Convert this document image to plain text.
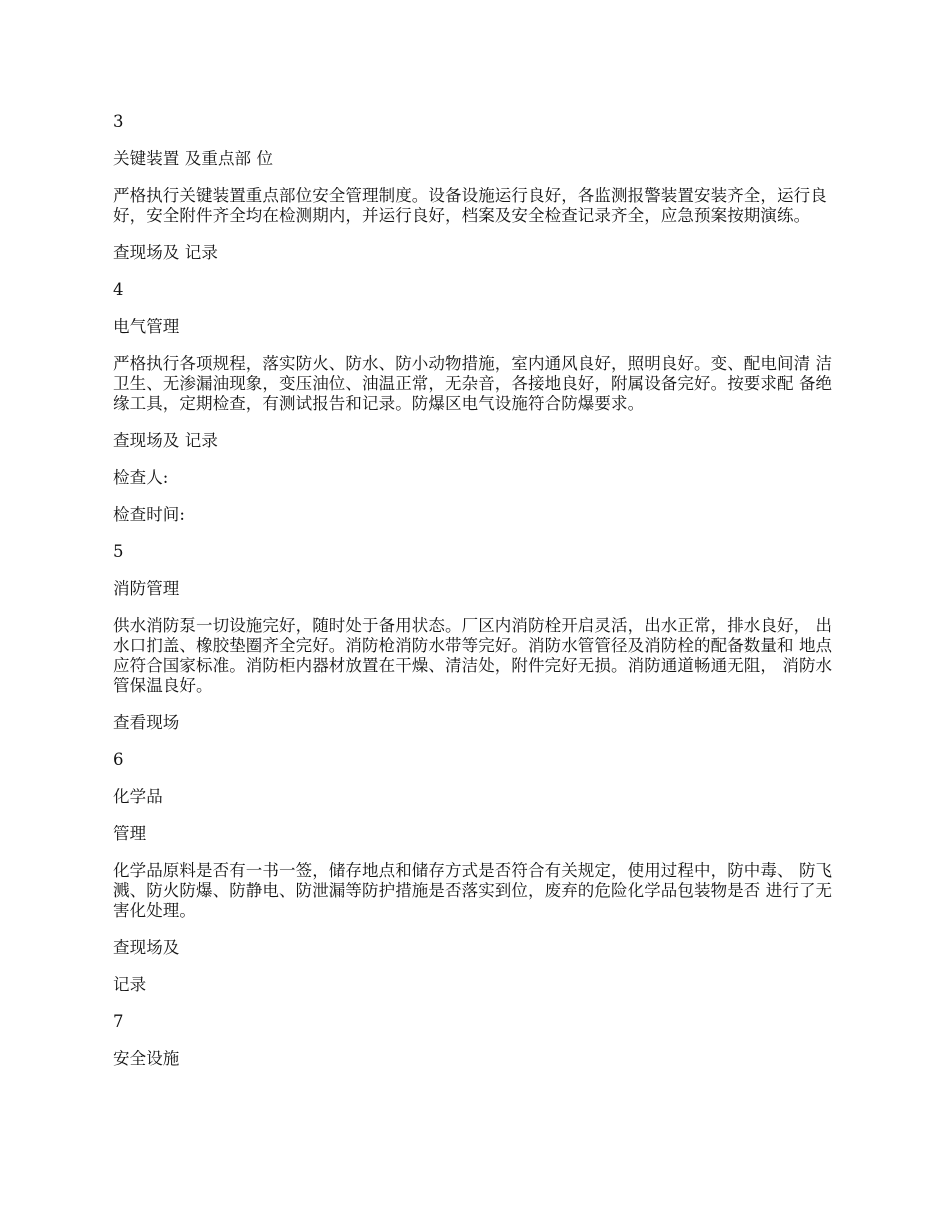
3

关键装置 及重点部 位

严格执行关键装置重点部位安全管理制度。设备设施运行良好，各监测报警装置安装齐全，运行良好，安全附件齐全均在检测期内，并运行良好，档案及安全检查记录齐全，应急预案按期演练。

查现场及 记录

4

电气管理

严格执行各项规程，落实防火、防水、防小动物措施，室内通风良好，照明良好。变、配电间清 洁卫生、无渗漏油现象，变压油位、油温正常，无杂音，各接地良好，附属设备完好。按要求配 备绝缘工具，定期检查，有测试报告和记录。防爆区电气设施符合防爆要求。

查现场及 记录

检查人:

检查时间:

5

消防管理

供水消防泵一切设施完好，随时处于备用状态。厂区内消防栓开启灵活，出水正常，排水良好， 出水口扪盖、橡胶垫圈齐全完好。消防枪消防水带等完好。消防水管管径及消防栓的配备数量和 地点应符合国家标准。消防柜内器材放置在干燥、清洁处，附件完好无损。消防通道畅通无阻， 消防水管保温良好。

查看现场

6

化学品

管理

化学品原料是否有一书一签，储存地点和储存方式是否符合有关规定，使用过程中，防中毒、 防飞溅、防火防爆、防静电、防泄漏等防护措施是否落实到位，废弃的危险化学品包装物是否 进行了无害化处理。

查现场及

记录

7

安全设施
